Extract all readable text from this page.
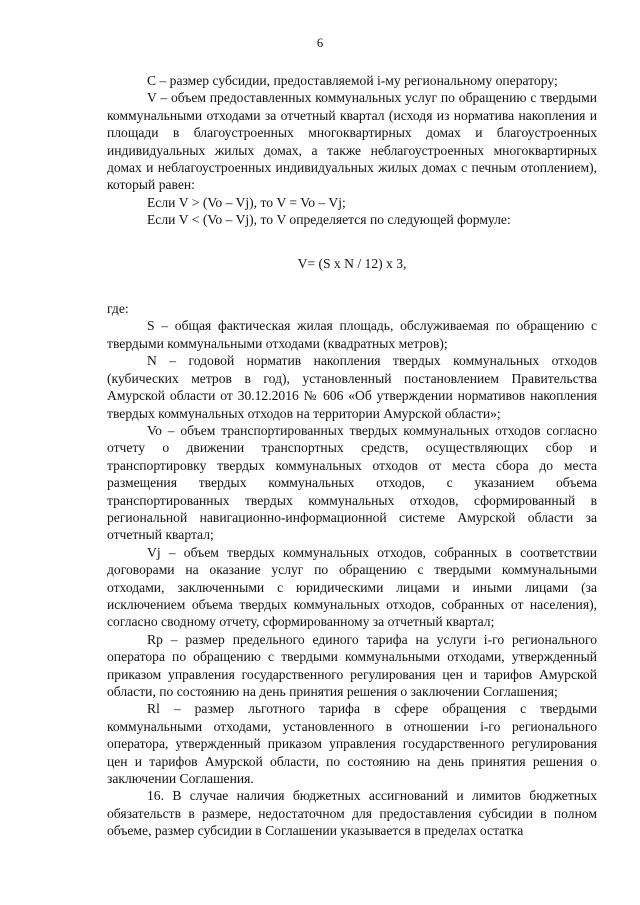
6

С – размер субсидии, предоставляемой i-му региональному оператору;

V – объем предоставленных коммунальных услуг по обращению с твердыми коммунальными отходами за отчетный квартал (исходя из норматива накопления и площади в благоустроенных многоквартирных домах и благоустроенных индивидуальных жилых домах, а также неблагоустроенных многоквартирных домах и неблагоустроенных индивидуальных жилых домах с печным отоплением), который равен:

Если V > (Vo – Vj), то V = Vo – Vj;

Если V < (Vo – Vj), то V определяется по следующей формуле:

V= (S x N / 12) x 3,

где:

S – общая фактическая жилая площадь, обслуживаемая по обращению с твердыми коммунальными отходами (квадратных метров);

N – годовой норматив накопления твердых коммунальных отходов (кубических метров в год), установленный постановлением Правительства Амурской области от 30.12.2016 № 606 «Об утверждении нормативов накопления твердых коммунальных отходов на территории Амурской области»;

Vo – объем транспортированных твердых коммунальных отходов согласно отчету о движении транспортных средств, осуществляющих сбор и транспортировку твердых коммунальных отходов от места сбора до места размещения твердых коммунальных отходов, с указанием объема транспортированных твердых коммунальных отходов, сформированный в региональной навигационно-информационной системе Амурской области за отчетный квартал;

Vj – объем твердых коммунальных отходов, собранных в соответствии договорами на оказание услуг по обращению с твердыми коммунальными отходами, заключенными с юридическими лицами и иными лицами (за исключением объема твердых коммунальных отходов, собранных от населения), согласно сводному отчету, сформированному за отчетный квартал;

Rp – размер предельного единого тарифа на услуги i-го регионального оператора по обращению с твердыми коммунальными отходами, утвержденный приказом управления государственного регулирования цен и тарифов Амурской области, по состоянию на день принятия решения о заключении Соглашения;

Rl – размер льготного тарифа в сфере обращения с твердыми коммунальными отходами, установленного в отношении i-го регионального оператора, утвержденный приказом управления государственного регулирования цен и тарифов Амурской области, по состоянию на день принятия решения о заключении Соглашения.

16. В случае наличия бюджетных ассигнований и лимитов бюджетных обязательств в размере, недостаточном для предоставления субсидии в полном объеме, размер субсидии в Соглашении указывается в пределах остатка
